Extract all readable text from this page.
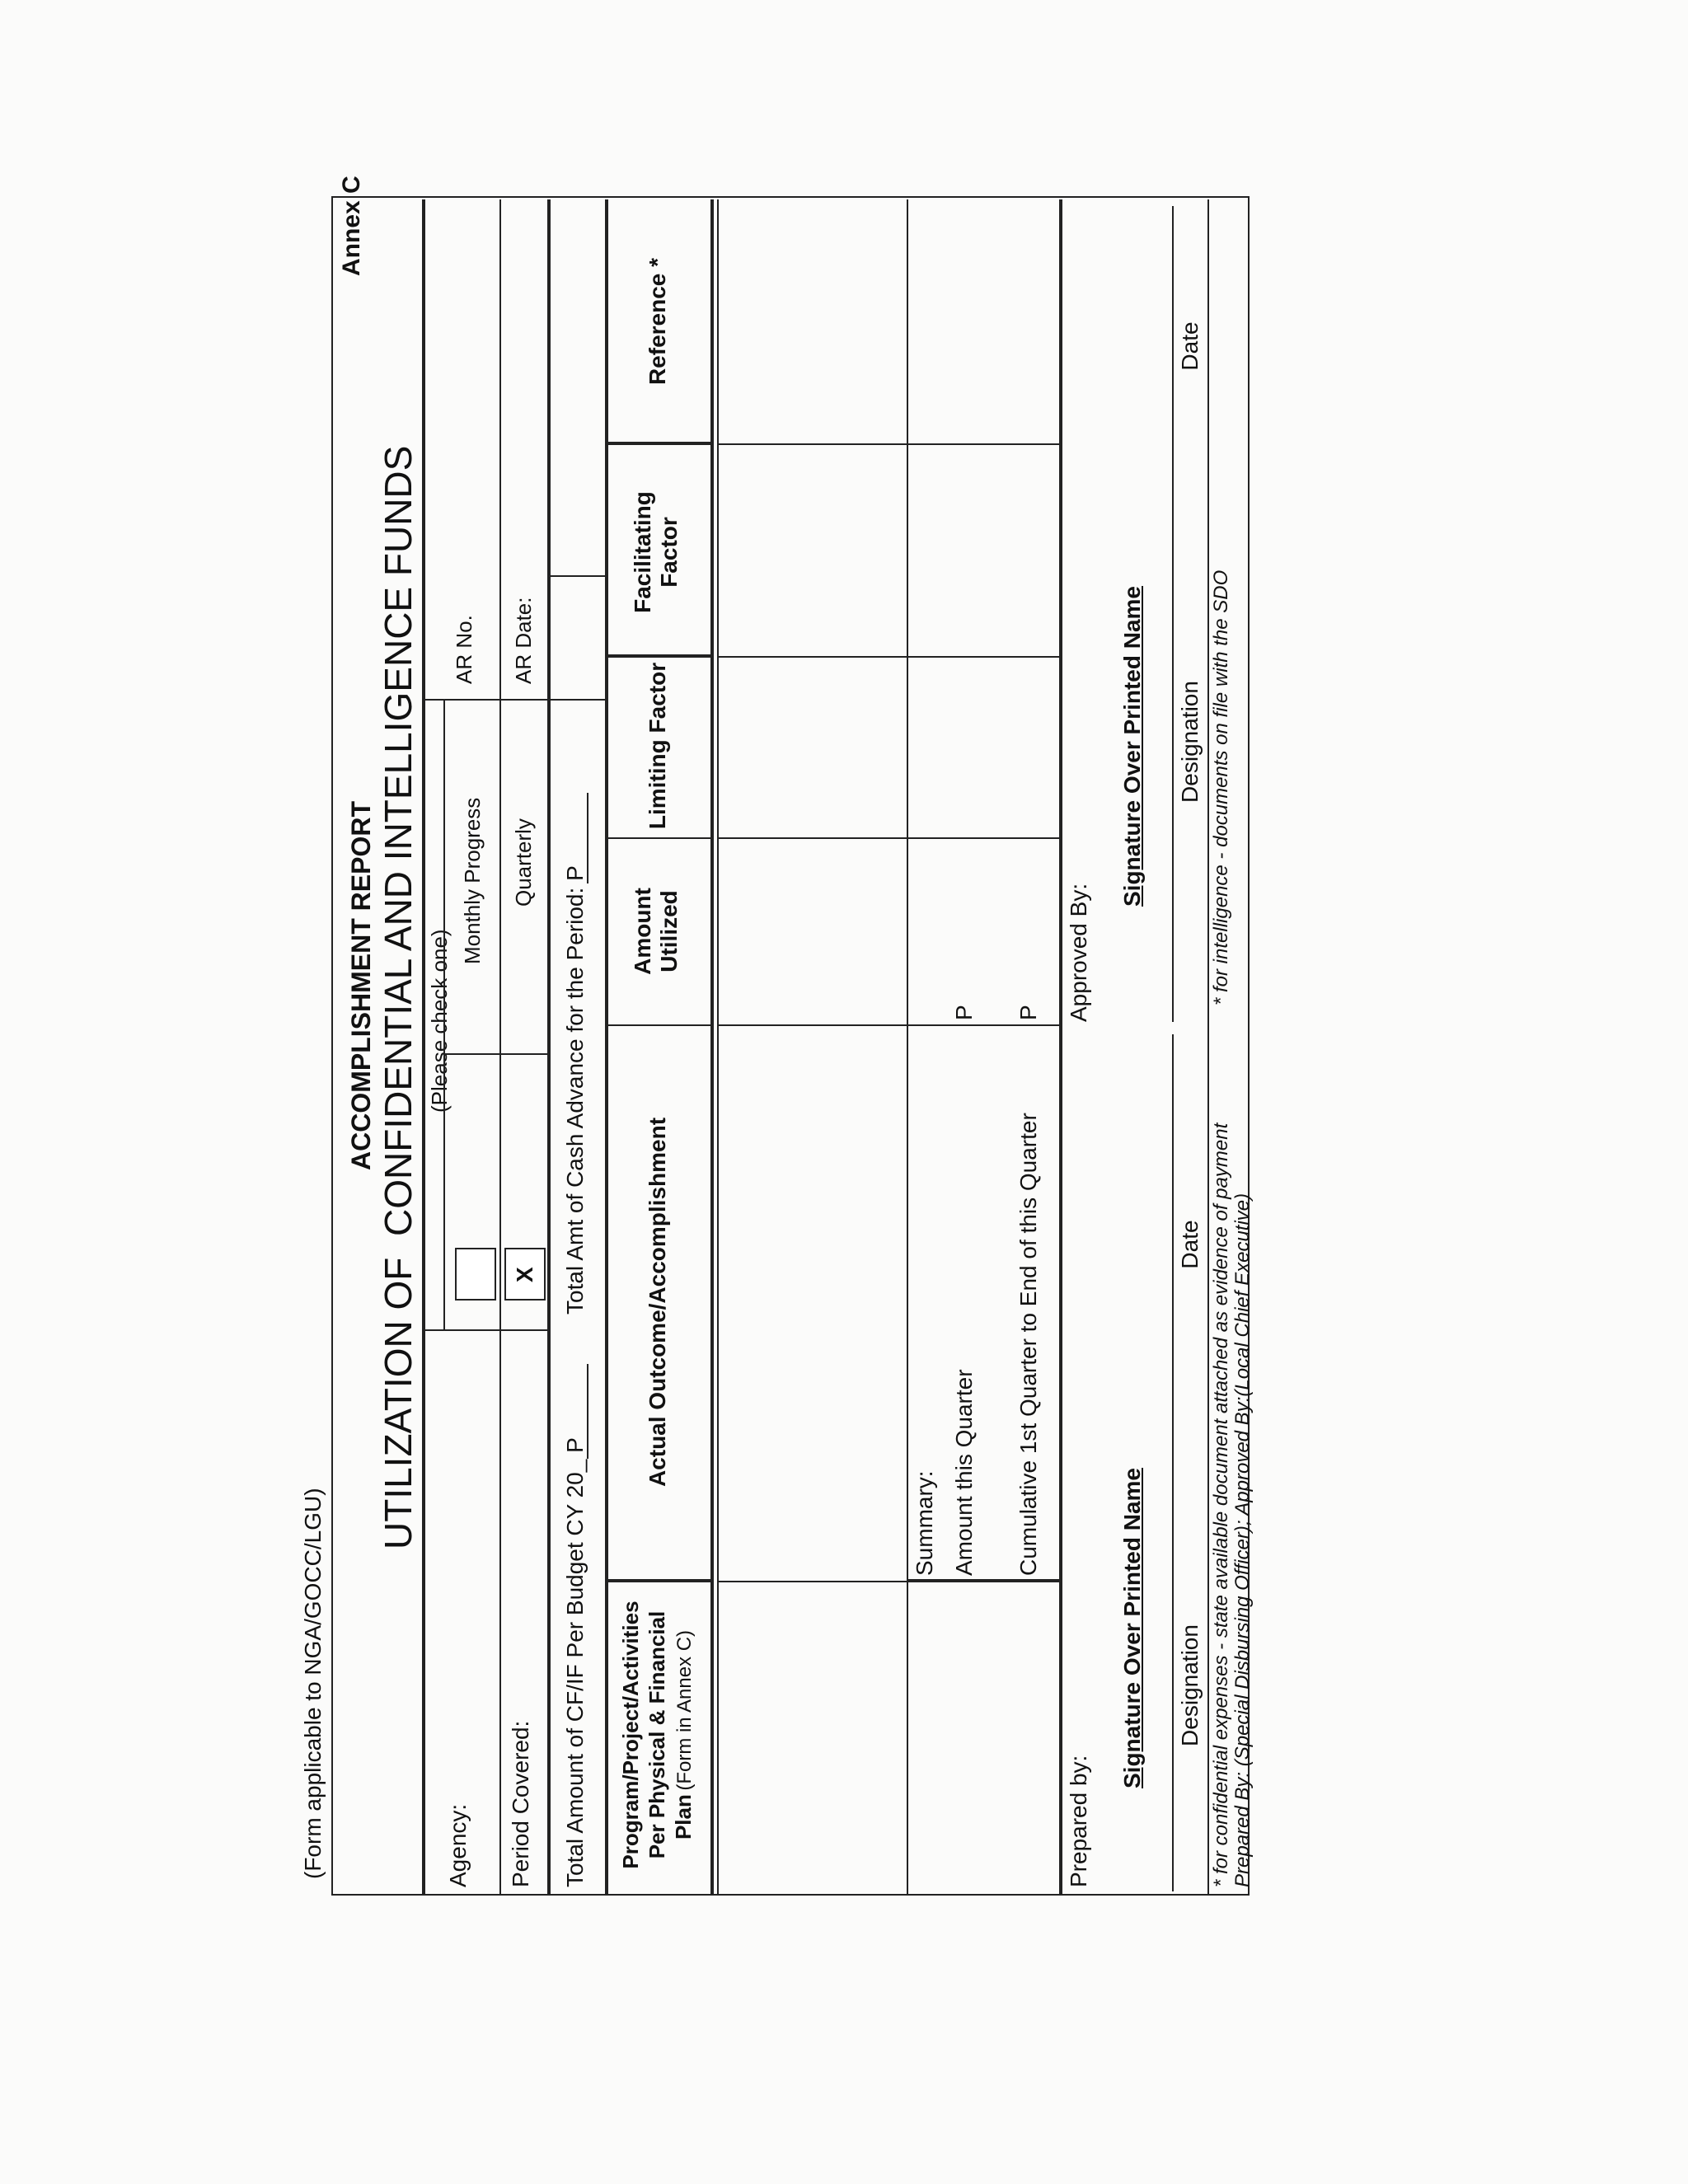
(Form applicable to NGA/GOCC/LGU)
Annex C
ACCOMPLISHMENT REPORT
UTILIZATION OF
CONFIDENTIAL AND INTELLIGENCE FUNDS (Please check one)
Agency:
Monthly Progress
AR No.
Period Covered:
X
Quarterly
AR Date:
Total Amount of CF/IF Per Budget CY 20_ P
Total Amt of Cash Advance for the Period: P
Program/Project/Activities Per Physical & Financial Plan (Form in Annex C)
Actual Outcome/Accomplishment
Amount Utilized
Limiting Factor
Facilitating Factor
Reference *
Summary: Amount this Quarter
P
Cumulative 1st Quarter to End of this Quarter
P
Prepared by:
Approved By:
Signature Over Printed Name
Signature Over Printed Name
Designation
Date
Designation
Date
* for confidential expenses - state available document attached as evidence of payment
* for intelligence - documents on file with the SDO
Prepared By: (Special Disbursing Officer); Approved By:(Local Chief Executive)
